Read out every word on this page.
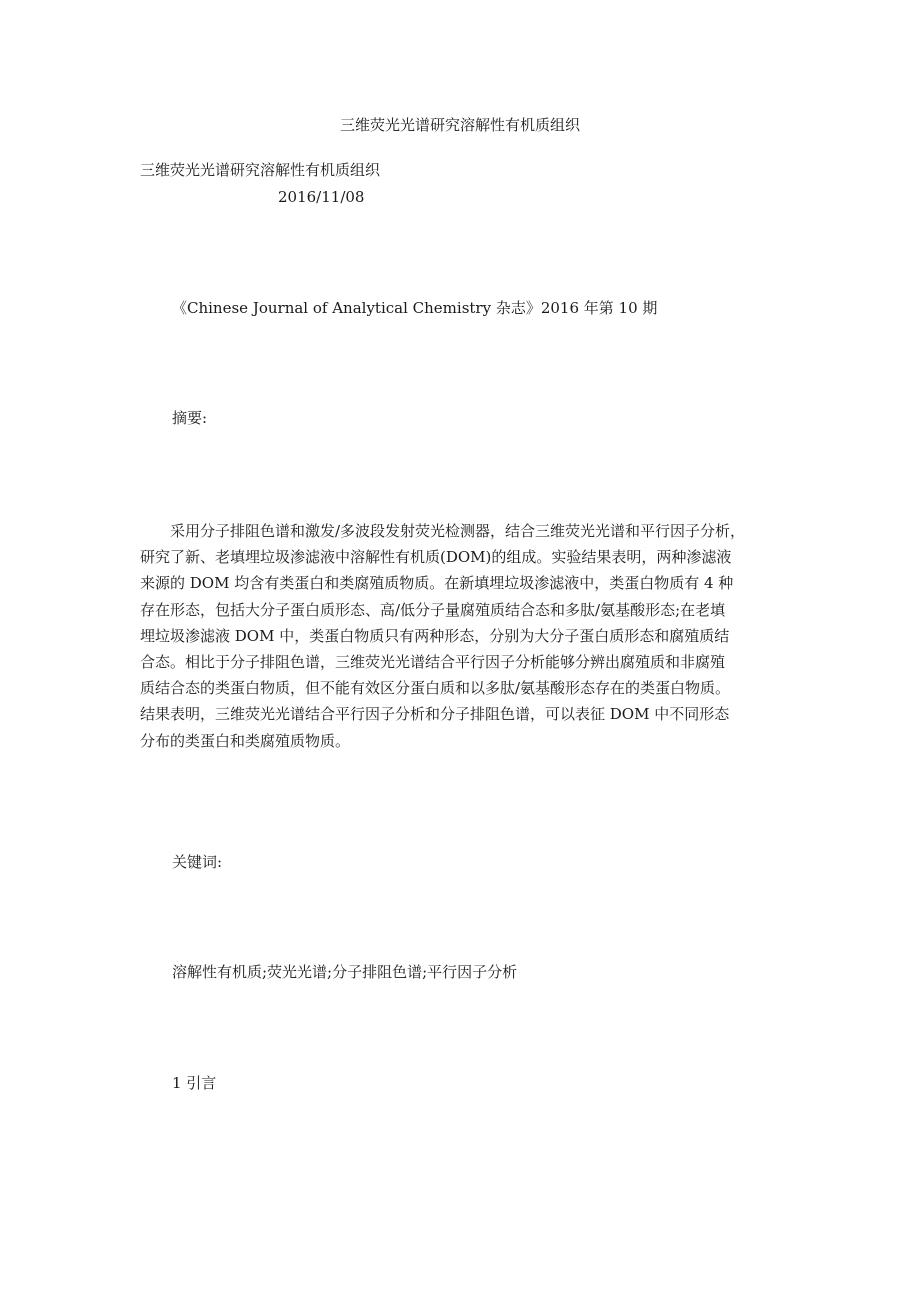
三维荧光光谱研究溶解性有机质组织
三维荧光光谱研究溶解性有机质组织
2016/11/08
《Chinese Journal of Analytical Chemistry 杂志》2016 年第 10 期
摘要:
　　采用分子排阻色谱和激发/多波段发射荧光检测器，结合三维荧光光谱和平行因子分析，
研究了新、老填埋垃圾渗滤液中溶解性有机质(DOM)的组成。实验结果表明，两种渗滤液
来源的 DOM 均含有类蛋白和类腐殖质物质。在新填埋垃圾渗滤液中，类蛋白物质有 4 种
存在形态，包括大分子蛋白质形态、高/低分子量腐殖质结合态和多肽/氨基酸形态;在老填
埋垃圾渗滤液 DOM 中，类蛋白物质只有两种形态，分别为大分子蛋白质形态和腐殖质结
合态。相比于分子排阻色谱，三维荧光光谱结合平行因子分析能够分辨出腐殖质和非腐殖
质结合态的类蛋白物质，但不能有效区分蛋白质和以多肽/氨基酸形态存在的类蛋白物质。
结果表明，三维荧光光谱结合平行因子分析和分子排阻色谱，可以表征 DOM 中不同形态
分布的类蛋白和类腐殖质物质。
关键词:
溶解性有机质;荧光光谱;分子排阻色谱;平行因子分析
1 引言
